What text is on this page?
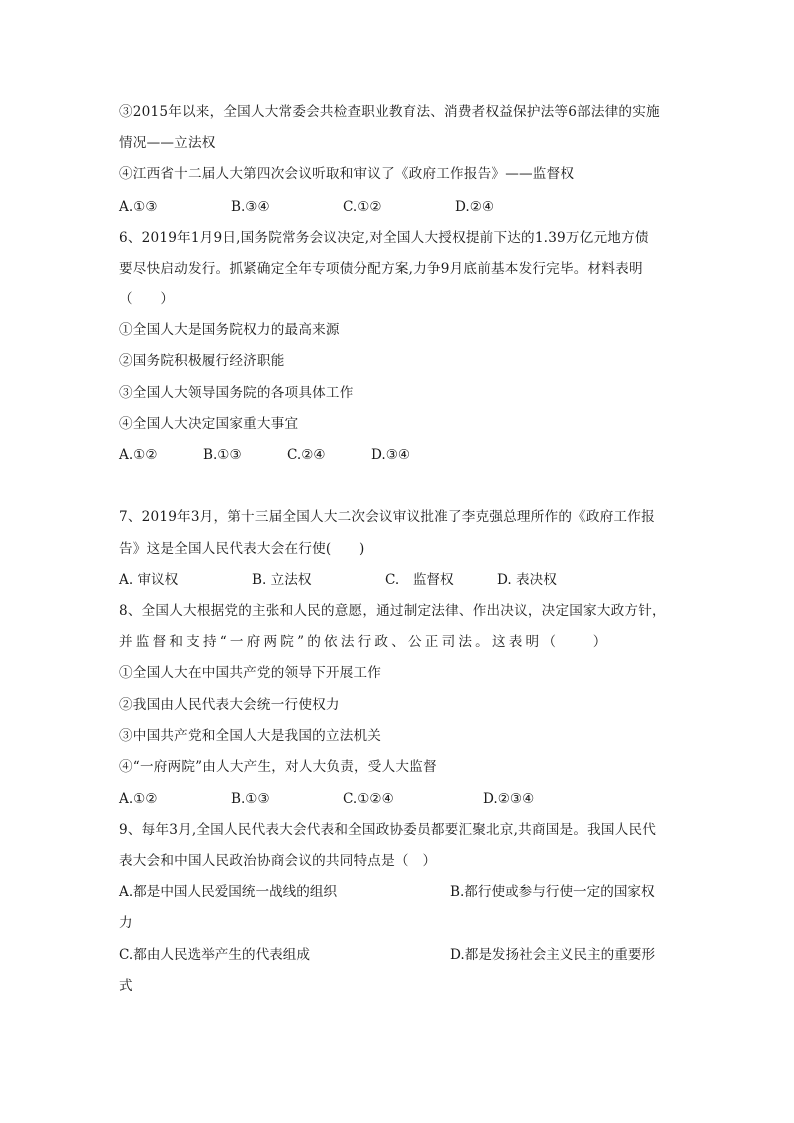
③2015年以来，全国人大常委会共检查职业教育法、消费者权益保护法等6部法律的实施
情况——立法权
④江西省十二届人大第四次会议听取和审议了《政府工作报告》——监督权
A.①③	B.③④	C.①②	D.②④
6、2019年1月9日,国务院常务会议决定,对全国人大授权提前下达的1.39万亿元地方债
要尽快启动发行。抓紧确定全年专项债分配方案,力争9月底前基本发行完毕。材料表明
（　　）
①全国人大是国务院权力的最高来源
②国务院积极履行经济职能
③全国人大领导国务院的各项具体工作
④全国人大决定国家重大事宜
A.①②	B.①③	C.②④	D.③④
7、2019年3月，第十三届全国人大二次会议审议批准了李克强总理所作的《政府工作报
告》这是全国人民代表大会在行使(　　)
A. 审议权	B. 立法权	C.　监督权	D. 表决权
8、全国人大根据党的主张和人民的意愿，通过制定法律、作出决议，决定国家大政方针，
并监督和支持“一府两院”的依法行政、公正司法。这表明（　　）
①全国人大在中国共产党的领导下开展工作
②我国由人民代表大会统一行使权力
③中国共产党和全国人大是我国的立法机关
④“一府两院”由人大产生，对人大负责，受人大监督
A.①②	B.①③	C.①②④	D.②③④
9、每年3月,全国人民代表大会代表和全国政协委员都要汇聚北京,共商国是。我国人民代
表大会和中国人民政治协商会议的共同特点是（　）
A.都是中国人民爱国统一战线的组织	B.都行使或参与行使一定的国家权
力
C.都由人民选举产生的代表组成	D.都是发扬社会主义民主的重要形
式
